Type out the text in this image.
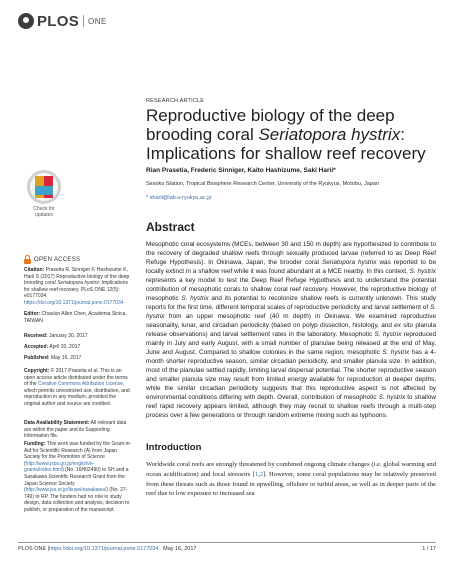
PLOS ONE
RESEARCH ARTICLE
Reproductive biology of the deep brooding coral Seriatopora hystrix: Implications for shallow reef recovery
Rian Prasetia, Frederic Sinniger, Kaito Hashizume, Saki Harii*
Sesoko Station, Tropical Biosphere Research Center, University of the Ryukyus, Motobu, Japan
* sharii@lab.u-ryukyu.ac.jp
Abstract

Mesophotic coral ecosystems (MCEs, between 30 and 150 m depth) are hypothesized to contribute to the recovery of degraded shallow reefs through sexually produced larvae (referred to as Deep Reef Refuge Hypothesis). In Okinawa, Japan, the brooder coral Seriatopora hystrix was reported to be locally extinct in a shallow reef while it was found abundant at a MCE nearby. In this context, S. hystrix represents a key model to test the Deep Reef Refuge Hypothesis and to understand the potential contribution of mesophotic corals to shallow coral reef recovery. However, the reproductive biology of mesophotic S. hystrix and its potential to recolonize shallow reefs is currently unknown. This study reports for the first time, different temporal scales of reproductive periodicity and larval settlement of S. hystrix from an upper mesophotic reef (40 m depth) in Okinawa. We examined reproductive seasonality, lunar, and circadian periodicity (based on polyp dissection, histology, and ex situ planula release observations) and larval settlement rates in the laboratory. Mesophotic S. hystrix reproduced mainly in July and early August, with a small number of planulae being released at the end of May, June and August. Compared to shallow colonies in the same region, mesophotic S. hystrix has a 4-month shorter reproductive season, similar circadian periodicity, and smaller planula size. In addition, most of the planulae settled rapidly, limiting larval dispersal potential. The shorter reproductive season and smaller planula size may result from limited energy available for reproduction at deeper depths, while the similar circadian periodicity suggests that this reproductive aspect is not affected by environmental conditions differing with depth. Overall, contribution of mesophotic S. hystrix to shallow reef rapid recovery appears limited, although they may recruit to shallow reefs through a multi-step process over a few generations or through random extreme mixing such as typhoons.

Introduction

Worldwide coral reefs are strongly threatened by combined ongoing climate changes (i.e. global warming and ocean acidification) and local stressors [1,2]. However, some coral populations may be relatively preserved from these threats such as those found in upwelling, offshore or turbid areas, as well as in deeper parts of the reef due to low exposure to increased sea

Check for updates
OPEN ACCESS
Citation: Prasetia R, Sinniger F, Hashizume K, Harii S (2017) Reproductive biology of the deep brooding coral Seriatopora hystrix: Implications for shallow reef recovery. PLoS ONE 12(5): e0177034. https://doi.org/10.1371/journal.pone.0177034
Editor: Chaolun Allen Chen, Academia Sinica, TAIWAN
Received: January 30, 2017
Accepted: April 20, 2017
Published: May 16, 2017
Copyright: © 2017 Prasetia et al. This is an open access article distributed under the terms of the Creative Commons Attribution License, which permits unrestricted use, distribution, and reproduction in any medium, provided the original author and source are credited.
Data Availability Statement: All relevant data are within the paper and its Supporting Information file.
Funding: This work was funded by the Grant-in-Aid for Scientific Research (A) from Japan Society for the Promotion of Science (http://www.jsps.go.jp/english/e-grants/index.html) (No. 16H02490) to SH and a Sasakawa Scientific Research Grant from the Japan Science Society (http://www.jss.or.jp/ikusei/sasakawa/) (No. 27-749) to RP. The funders had no role in study design, data collection and analysis, decision to publish, or preparation of the manuscript.
PLOS ONE | https://doi.org/10.1371/journal.pone.0177034 May 16, 2017	1 / 17
